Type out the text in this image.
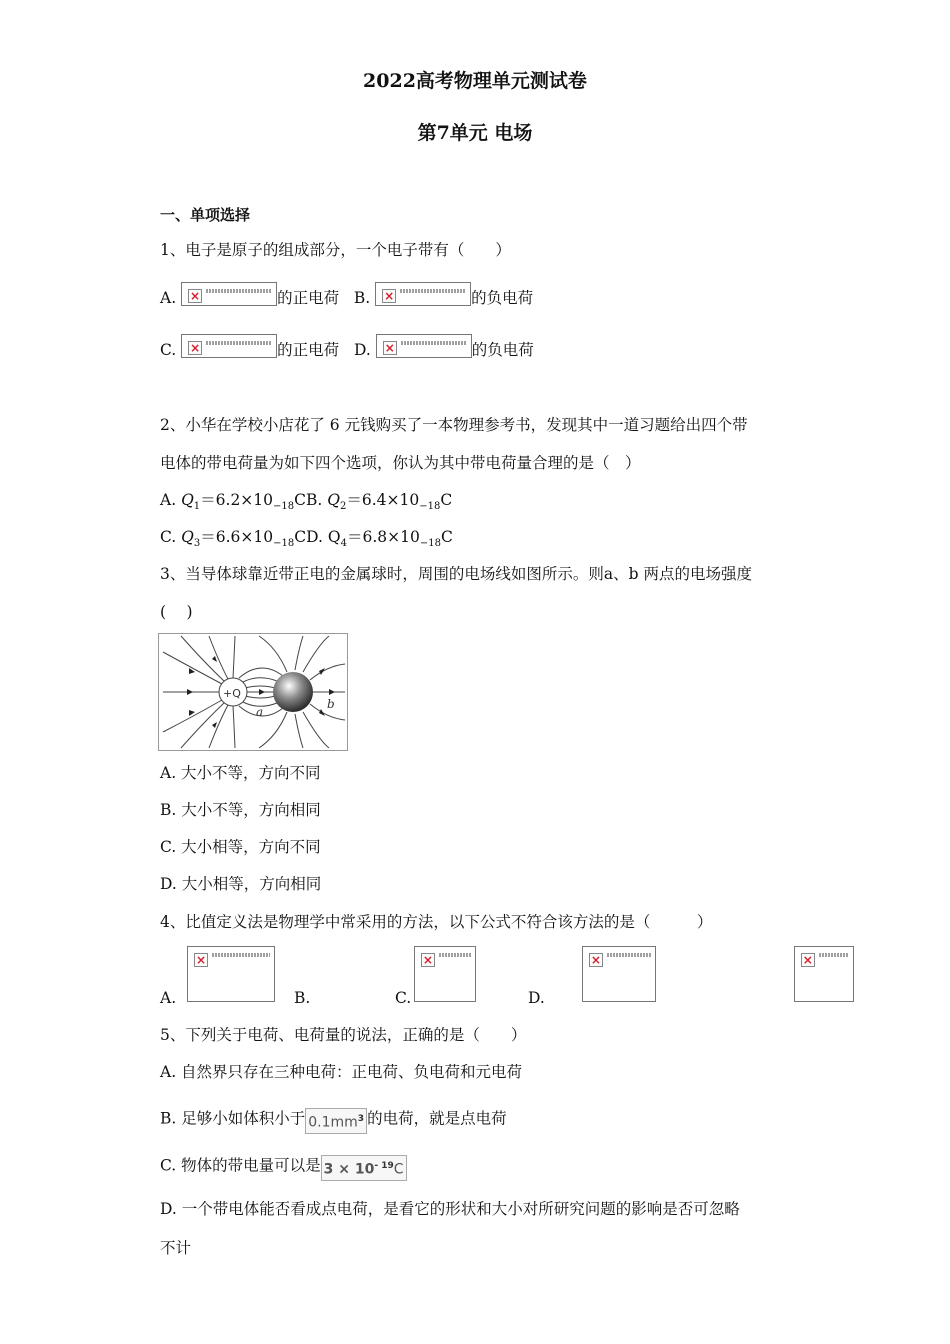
2022高考物理单元测试卷
第7单元 电场
一、单项选择
1、电子是原子的组成部分，一个电子带有（　　）
A. ×	的正电荷 B. ×	的负电荷
C. ×	的正电荷 D. ×	的负电荷
2、小华在学校小店花了 6 元钱购买了一本物理参考书，发现其中一道习题给出四个带
电体的带电荷量为如下四个选项，你认为其中带电荷量合理的是（　）
A. $Q_1=6.2\times 10_{-18}CB$. $Q_2=6.4\times 10_{-18}C$
C. $Q_3=6.6\times 10_{-18}CD$. $Q_4=6.8\times 10_{-18}C$
3、当导体球靠近带正电的金属球时，周围的电场线如图所示。则a、b 两点的电场强度
(　 )
+Q
a
b
A. 大小不等，方向不同
B. 大小不等，方向相同
C. 大小相等，方向不同
D. 大小相等，方向相同
4、比值定义法是物理学中常采用的方法，以下公式不符合该方法的是（　　　）
A.
×

B.
×

C.
×

D.
×
5、下列关于电荷、电荷量的说法，正确的是（　　）
A. 自然界只存在三种电荷：正电荷、负电荷和元电荷
B. 足够小如体积小于 $0.1mm^3$ 的电荷，就是点电荷
C. 物体的带电量可以是 $3 \times 10^{- 19}C$
D. 一个带电体能否看成点电荷，是看它的形状和大小对所研究问题的影响是否可忽略
不计
